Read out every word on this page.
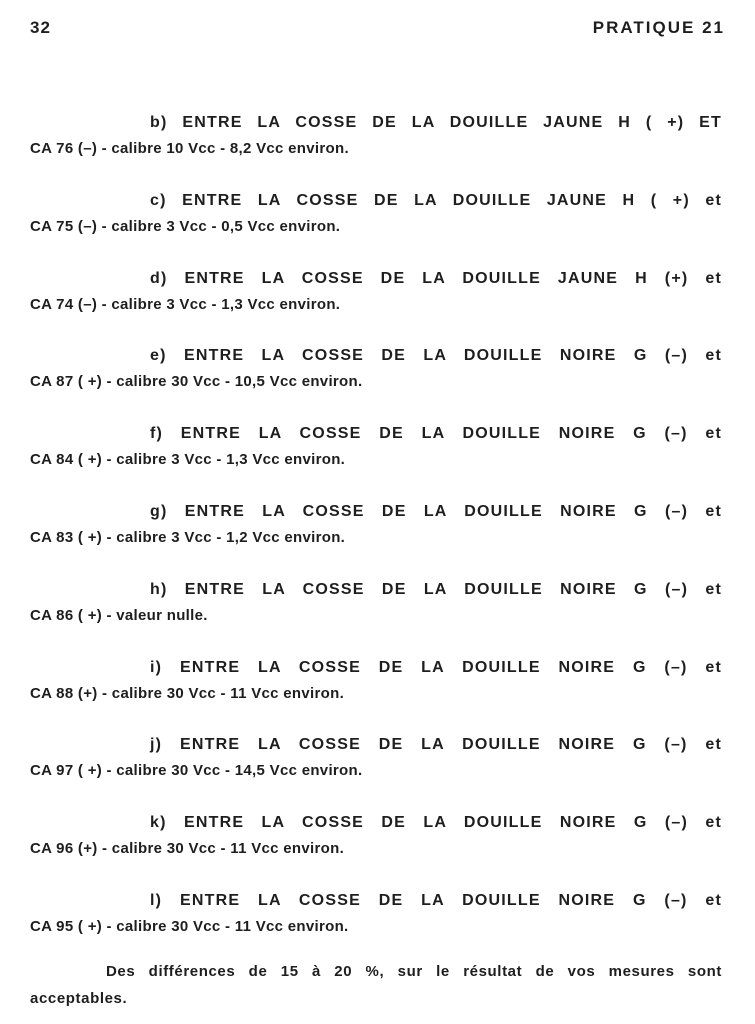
32	PRATIQUE 21
b) ENTRE LA COSSE DE LA DOUILLE JAUNE H ( +) ET
CA 76 (–) - calibre 10 Vcc - 8,2 Vcc environ.
c) ENTRE LA COSSE DE LA DOUILLE JAUNE H ( +) et
CA 75 (–) - calibre 3 Vcc - 0,5 Vcc environ.
d) ENTRE LA COSSE DE LA DOUILLE JAUNE H (+) et
CA 74 (–) - calibre 3 Vcc - 1,3 Vcc environ.
e) ENTRE LA COSSE DE LA DOUILLE NOIRE G (–) et
CA 87 ( +) - calibre 30 Vcc - 10,5 Vcc environ.
f) ENTRE LA COSSE DE LA DOUILLE NOIRE G (–) et
CA 84 ( +) - calibre 3 Vcc - 1,3 Vcc environ.
g) ENTRE LA COSSE DE LA DOUILLE NOIRE G (–) et
CA 83 ( +) - calibre 3 Vcc - 1,2 Vcc environ.
h) ENTRE LA COSSE DE LA DOUILLE NOIRE G (–) et
CA 86 ( +) - valeur nulle.
i) ENTRE LA COSSE DE LA DOUILLE NOIRE G (–) et
CA 88 (+) - calibre 30 Vcc - 11 Vcc environ.
j) ENTRE LA COSSE DE LA DOUILLE NOIRE G (–) et
CA 97 ( +) - calibre 30 Vcc - 14,5 Vcc environ.
k) ENTRE LA COSSE DE LA DOUILLE NOIRE G (–) et
CA 96 (+) - calibre 30 Vcc - 11 Vcc environ.
l) ENTRE LA COSSE DE LA DOUILLE NOIRE G (–) et
CA 95 ( +) - calibre 30 Vcc - 11 Vcc environ.
Des différences de 15 à 20 %, sur le résultat de vos mesures sont
acceptables.
